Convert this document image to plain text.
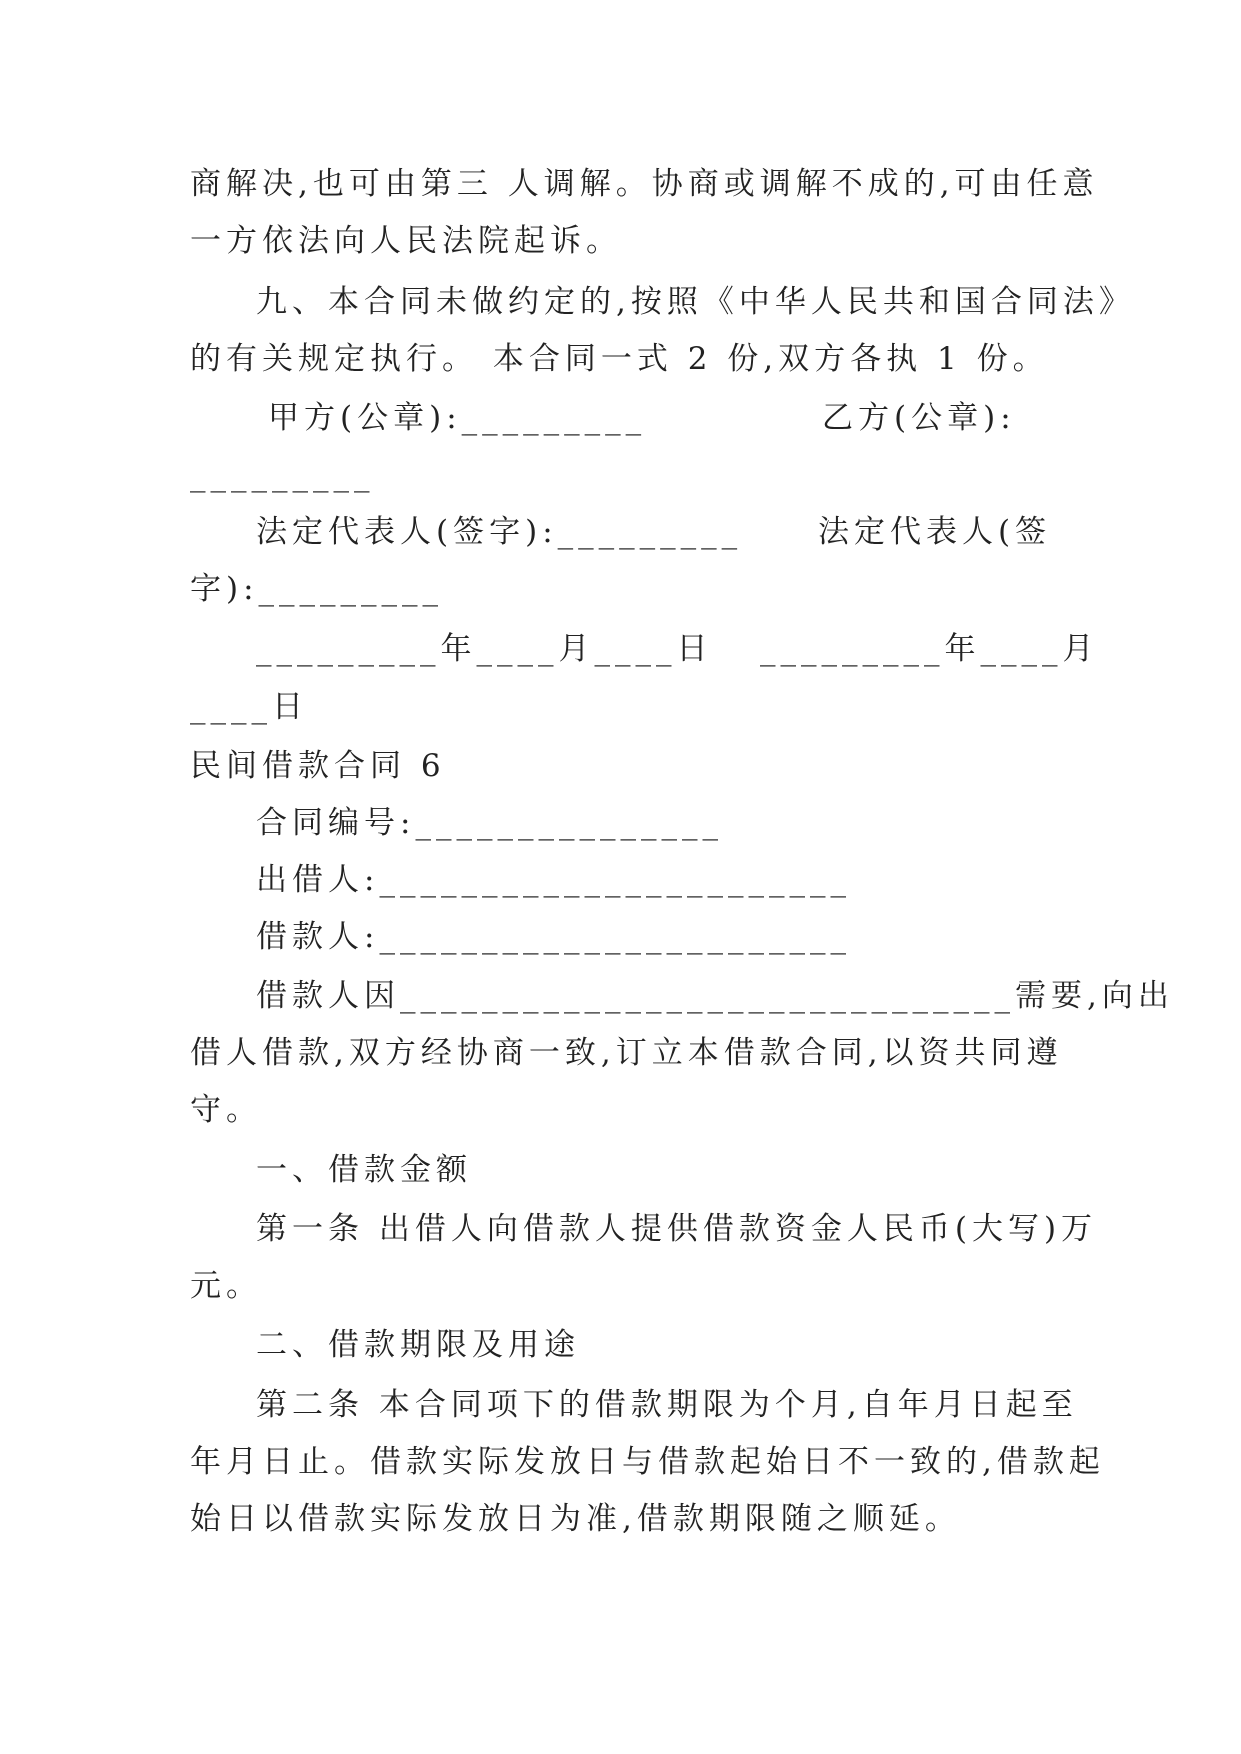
商解决,也可由第三 人调解。协商或调解不成的,可由任意
一方依法向人民法院起诉。
九、本合同未做约定的,按照《中华人民共和国合同法》
的有关规定执行。 本合同一式 2 份,双方各执 1 份。
甲方(公章):_________	乙方(公章):
_________
法定代表人(签字):_________ 法定代表人(签
字):_________
_________年____月____日 _________年____月
____日
民间借款合同 6
合同编号:_______________
出借人:_______________________
借款人:_______________________
借款人因______________________________需要,向出
借人借款,双方经协商一致,订立本借款合同,以资共同遵
守。
一、借款金额
第一条 出借人向借款人提供借款资金人民币(大写)万
元。
二、借款期限及用途
第二条 本合同项下的借款期限为个月,自年月日起至
年月日止。借款实际发放日与借款起始日不一致的,借款起
始日以借款实际发放日为准,借款期限随之顺延。
